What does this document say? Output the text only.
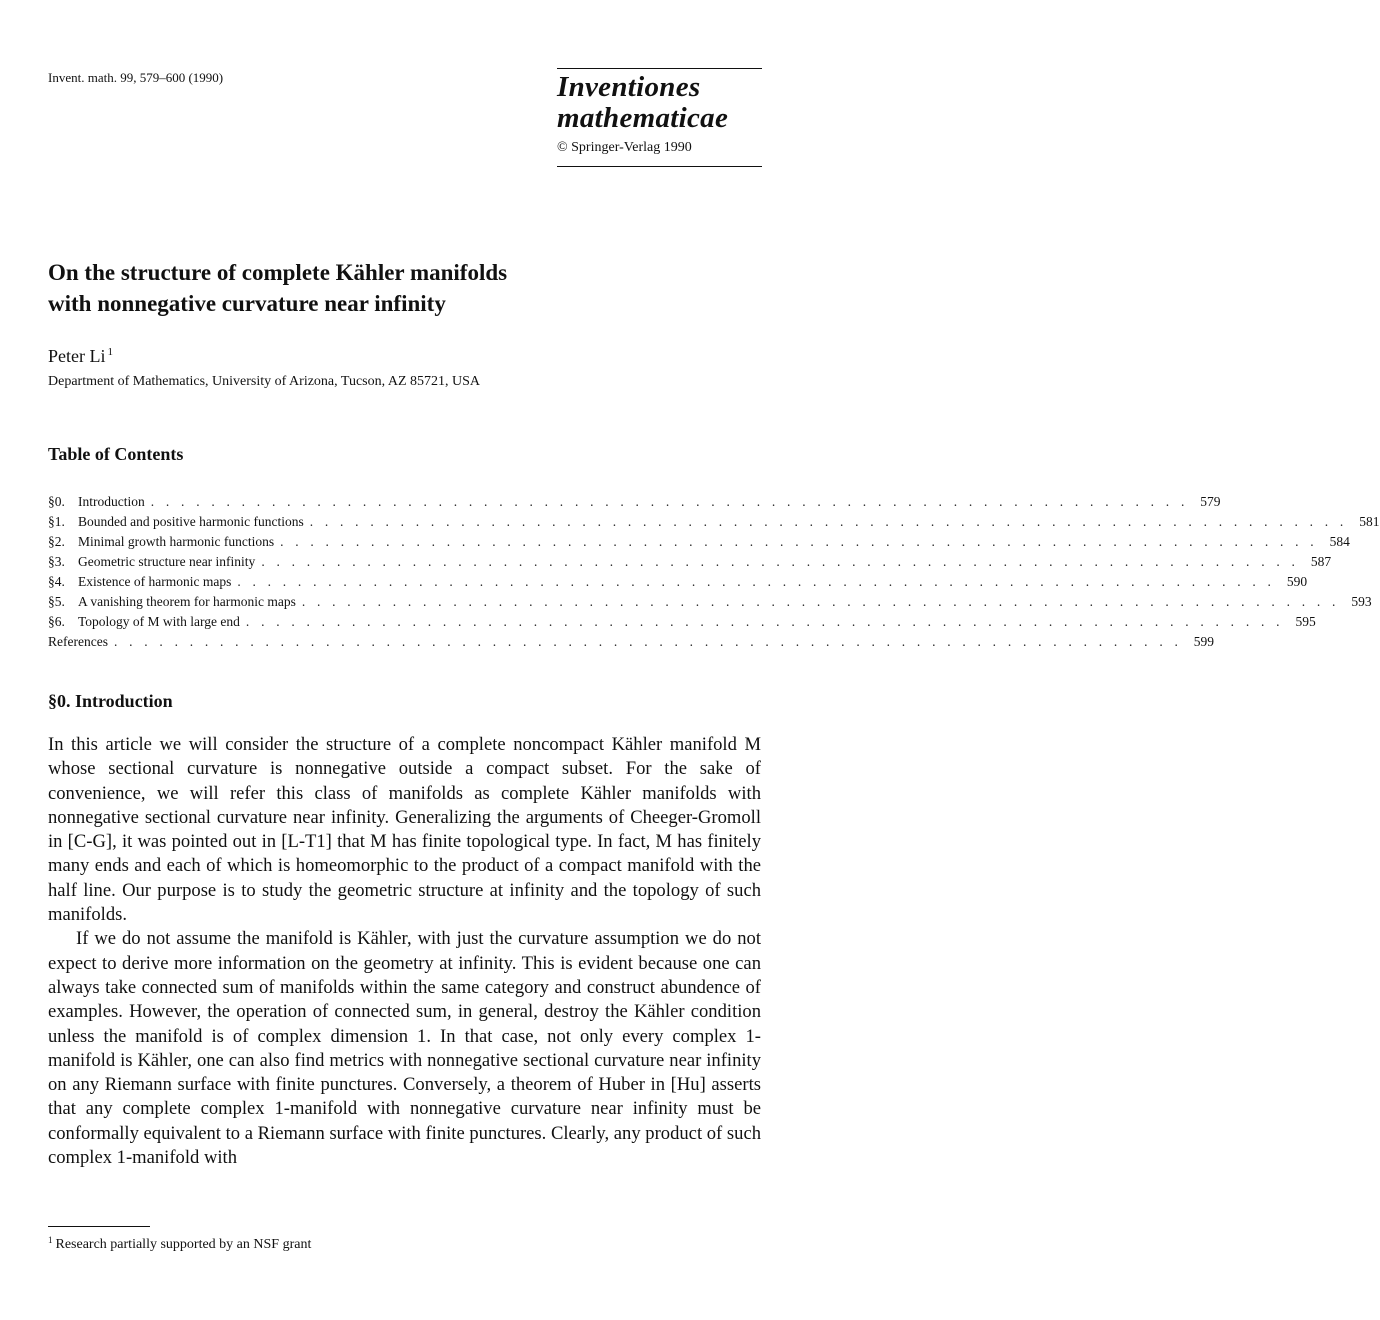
Invent. math. 99, 579–600 (1990)	Inventiones
mathematicae
© Springer-Verlag 1990
On the structure of complete Kähler manifolds
with nonnegative curvature near infinity
Peter Li $^1$
Department of Mathematics, University of Arizona, Tucson, AZ 85721, USA
Table of Contents
§0. Introduction . . . . . . . . . . . . . . . . . . . . . . . . . . . . . . . . . . . . . . . . . . . . . . . . . . . . . . . . . . . . . . . . . . . . . 579
§1. Bounded and positive harmonic functions . . . . . . . . . . . . . . . . . . . . . . . . . . . . . . . . . . . . . . . . . . . . . . . . . . . . . . . . . . . . . . . . . . . . . 581
§2. Minimal growth harmonic functions . . . . . . . . . . . . . . . . . . . . . . . . . . . . . . . . . . . . . . . . . . . . . . . . . . . . . . . . . . . . . . . . . . . . . 584
§3. Geometric structure near infinity . . . . . . . . . . . . . . . . . . . . . . . . . . . . . . . . . . . . . . . . . . . . . . . . . . . . . . . . . . . . . . . . . . . . . 587
§4. Existence of harmonic maps . . . . . . . . . . . . . . . . . . . . . . . . . . . . . . . . . . . . . . . . . . . . . . . . . . . . . . . . . . . . . . . . . . . . . 590
§5. A vanishing theorem for harmonic maps . . . . . . . . . . . . . . . . . . . . . . . . . . . . . . . . . . . . . . . . . . . . . . . . . . . . . . . . . . . . . . . . . . . . . 593
§6. Topology of M with large end . . . . . . . . . . . . . . . . . . . . . . . . . . . . . . . . . . . . . . . . . . . . . . . . . . . . . . . . . . . . . . . . . . . . . 595
References . . . . . . . . . . . . . . . . . . . . . . . . . . . . . . . . . . . . . . . . . . . . . . . . . . . . . . . . . . . . . . . . . . . . . . . 599
§0. Introduction

In this article we will consider the structure of a complete noncompact Kähler manifold M whose sectional curvature is nonnegative outside a compact subset. For the sake of convenience, we will refer this class of manifolds as complete Kähler manifolds with nonnegative sectional curvature near infinity. Generalizing the arguments of Cheeger-Gromoll in [C-G], it was pointed out in [L-T1] that M has finite topological type. In fact, M has finitely many ends and each of which is homeomorphic to the product of a compact manifold with the half line. Our purpose is to study the geometric structure at infinity and the topology of such manifolds.

If we do not assume the manifold is Kähler, with just the curvature assumption we do not expect to derive more information on the geometry at infinity. This is evident because one can always take connected sum of manifolds within the same category and construct abundence of examples. However, the operation of connected sum, in general, destroy the Kähler condition unless the manifold is of complex dimension 1. In that case, not only every complex 1-manifold is Kähler, one can also find metrics with nonnegative sectional curvature near infinity on any Riemann surface with finite punctures. Conversely, a theorem of Huber in [Hu] asserts that any complete complex 1-manifold with nonnegative curvature near infinity must be conformally equivalent to a Riemann surface with finite punctures. Clearly, any product of such complex 1-manifold with

$^1$ Research partially supported by an NSF grant
